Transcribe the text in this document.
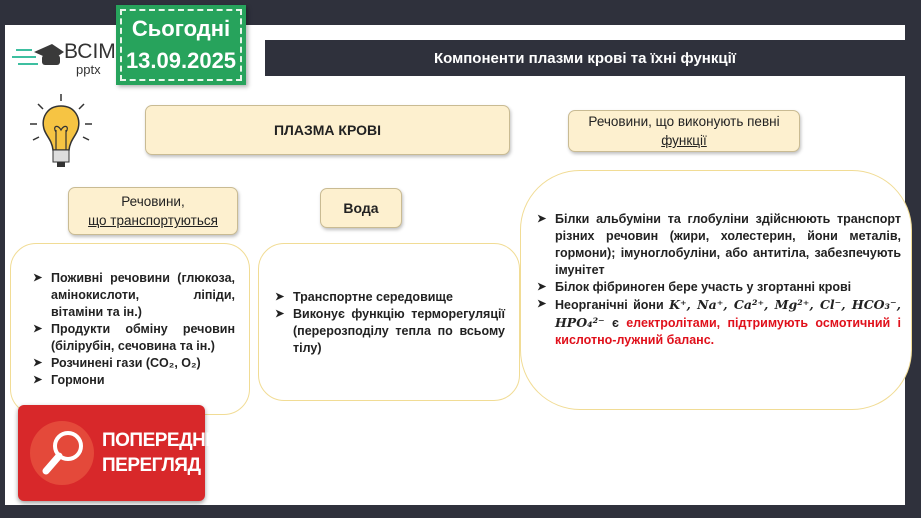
ВСІМ
pptx
Сьогодні
13.09.2025	Компоненти плазми крові та їхні функції
ПЛАЗМА КРОВІ
Речовини, що виконують певні
функції
Речовини,
що транспортуються
Вода
➤ Поживні речовини (глюкоза, амінокислоти, ліпіди, вітаміни та ін.)
➤ Продукти обміну речовин (білірубін, сечовина та ін.)
➤ Розчинені гази (CO₂, O₂)
➤ Гормони
➤ Транспортне середовище
➤ Виконує функцію терморегуляції (перерозподілу тепла по всьому тілу)
➤ Білки альбуміни та глобуліни здійснюють транспорт різних речовин (жири, холестерин, йони металів, гормони); імуноглобуліни, або антитіла, забезпечують імунітет
➤ Білок фібриноген бере участь у згортанні крові
➤ Неорганічні йони K⁺, Na⁺, Ca²⁺, Mg²⁺, Cl⁻, HCO₃⁻, HPO₄²⁻ є електролітами, підтримують осмотичний і кислотно-лужний баланс.
ПОПЕРЕДНІЙ
ПЕРЕГЛЯД
